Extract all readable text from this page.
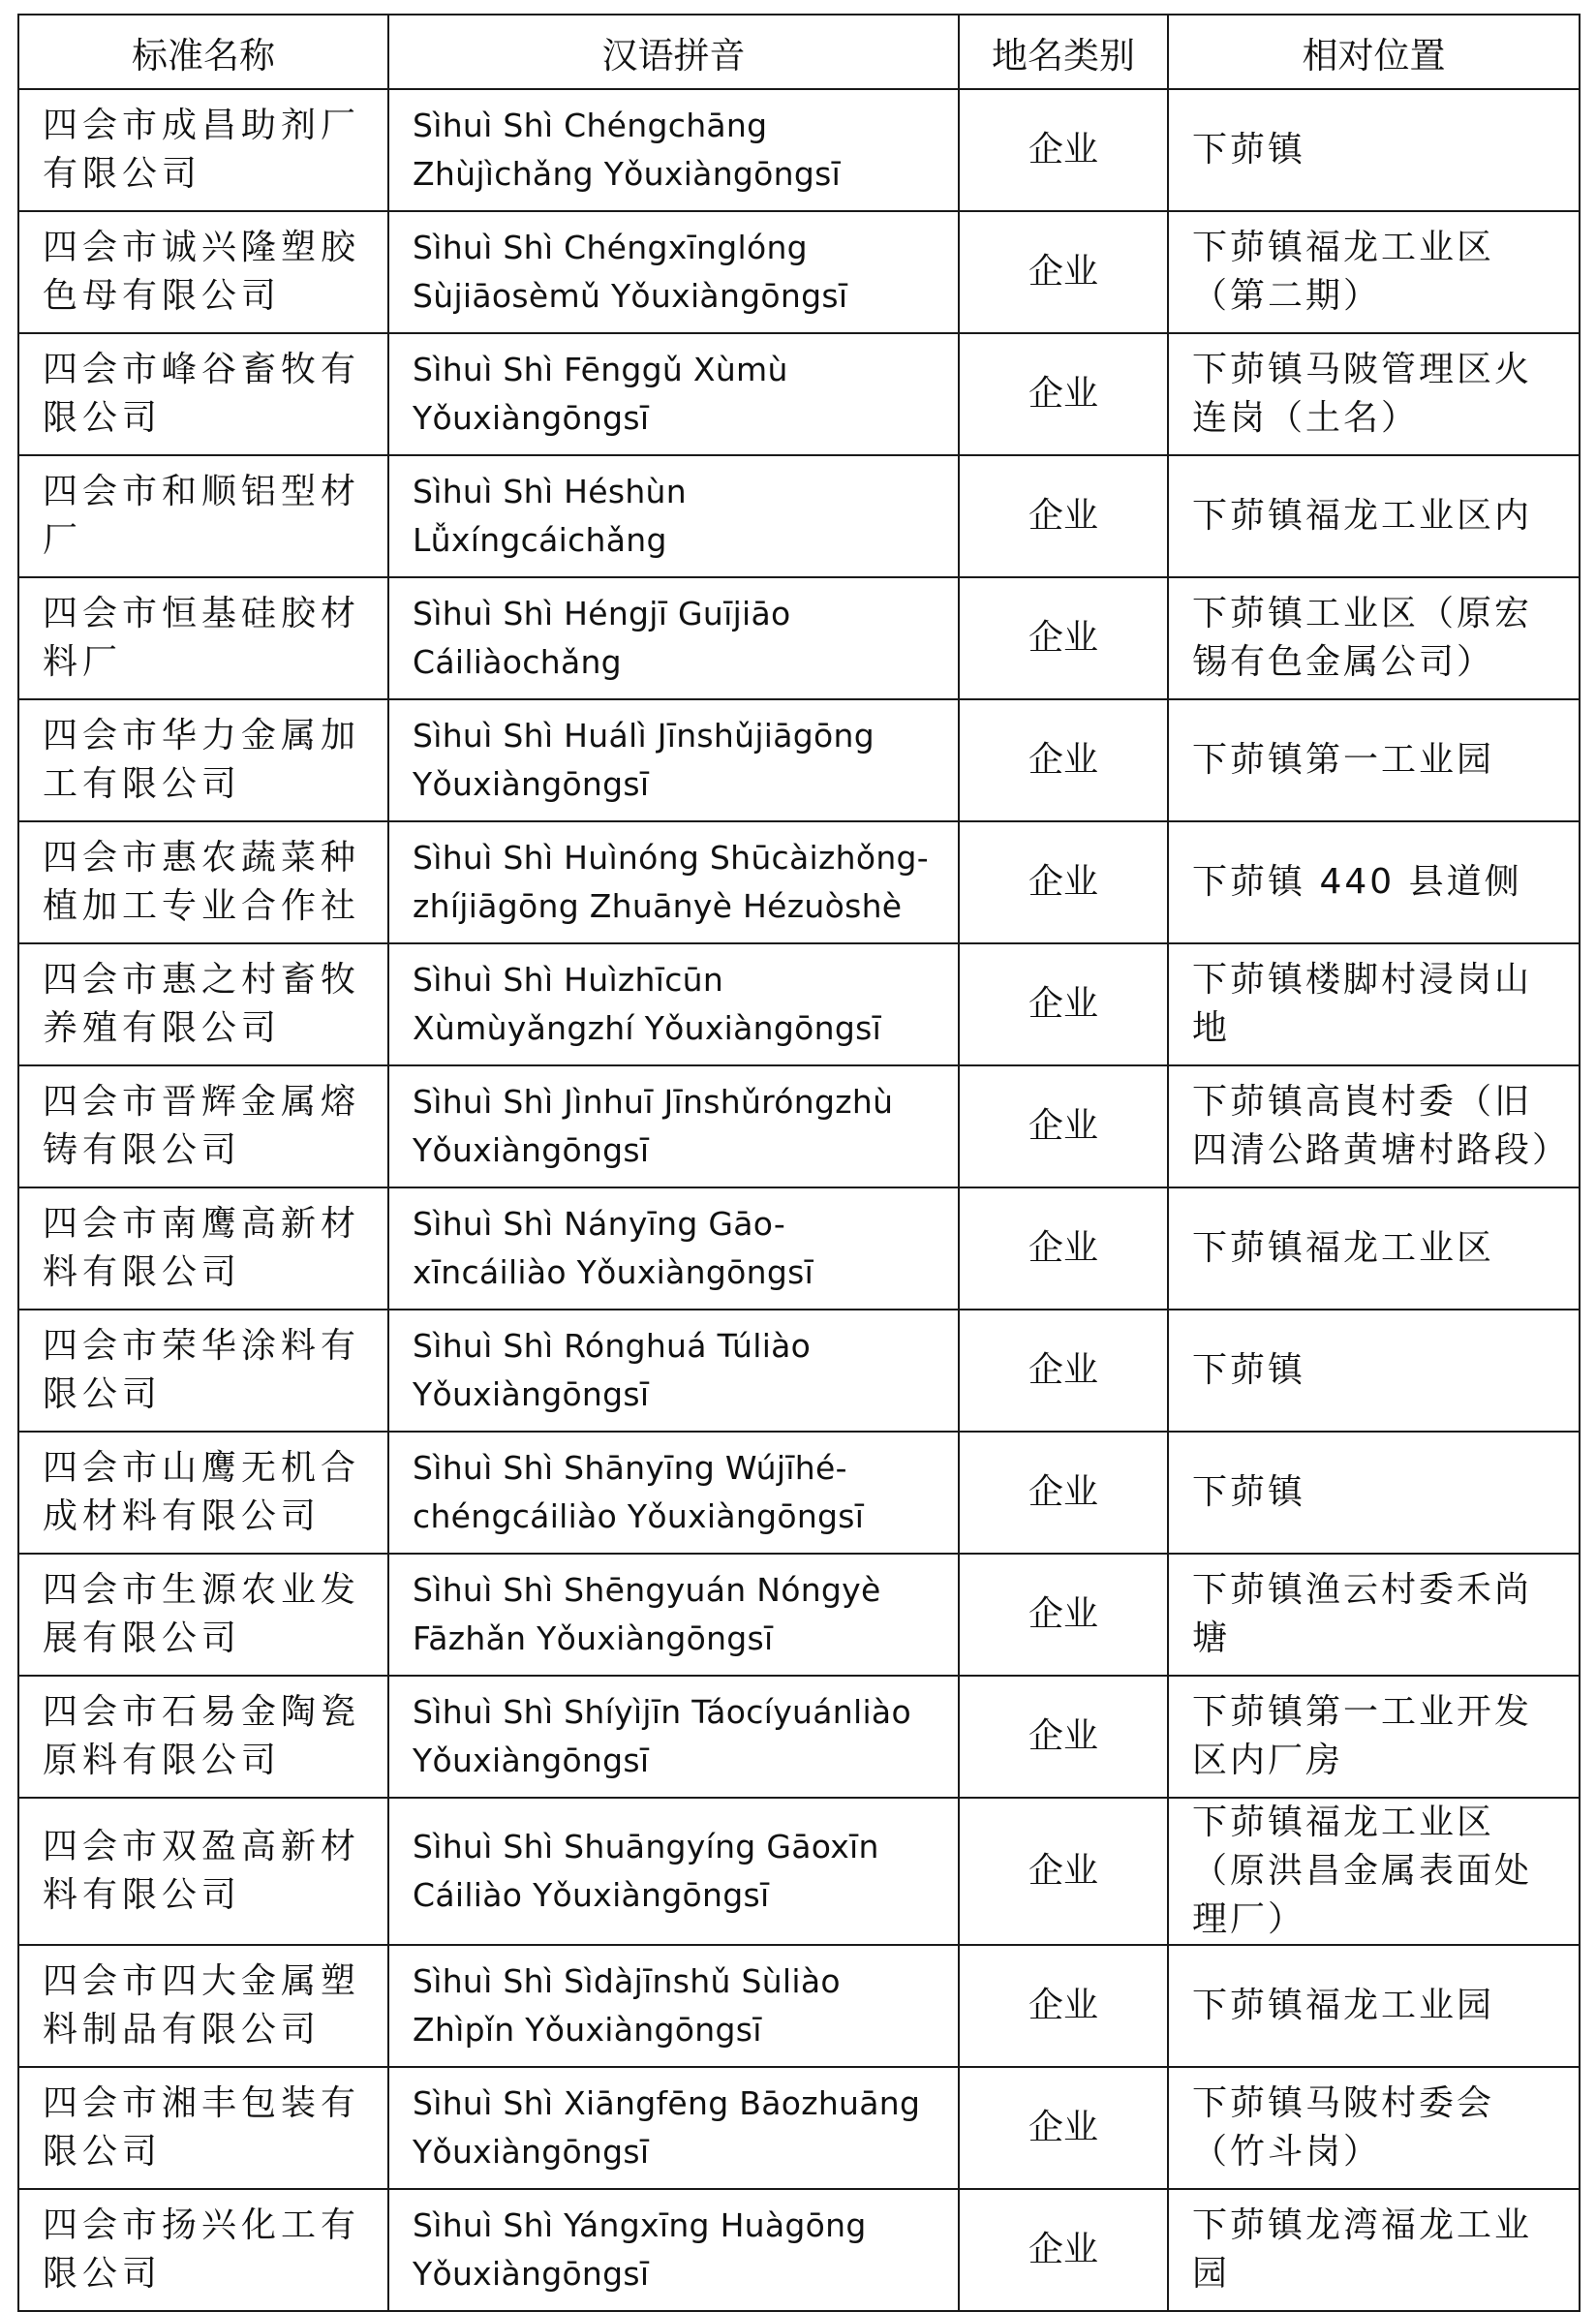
标准名称	汉语拼音	地名类别	相对位置
四会市成昌助剂厂有限公司	Sìhuì Shì Chéngchāng Zhùjìchǎng Yǒuxiàngōngsī	企业	下茆镇
四会市诚兴隆塑胶色母有限公司	Sìhuì Shì Chéngxīnglóng Sùjiāosèmǔ Yǒuxiàngōngsī	企业	下茆镇福龙工业区（第二期）
四会市峰谷畜牧有限公司	Sìhuì Shì Fēnggǔ Xùmù Yǒuxiàngōngsī	企业	下茆镇马陂管理区火连岗（土名）
四会市和顺铝型材厂	Sìhuì Shì Héshùn Lǚxíngcáichǎng	企业	下茆镇福龙工业区内
四会市恒基硅胶材料厂	Sìhuì Shì Héngjī Guījiāo Cáiliàochǎng	企业	下茆镇工业区（原宏锡有色金属公司）
四会市华力金属加工有限公司	Sìhuì Shì Huálì Jīnshǔjiāgōng Yǒuxiàngōngsī	企业	下茆镇第一工业园
四会市惠农蔬菜种植加工专业合作社	Sìhuì Shì Huìnóng Shūcàizhǒng-zhíjiāgōng Zhuānyè Hézuòshè	企业	下茆镇 440 县道侧
四会市惠之村畜牧养殖有限公司	Sìhuì Shì Huìzhīcūn Xùmùyǎngzhí Yǒuxiàngōngsī	企业	下茆镇楼脚村浸岗山地
四会市晋辉金属熔铸有限公司	Sìhuì Shì Jìnhuī Jīnshǔróngzhù Yǒuxiàngōngsī	企业	下茆镇高崀村委（旧四清公路黄塘村路段）
四会市南鹰高新材料有限公司	Sìhuì Shì Nányīng Gāo-xīncáiliào Yǒuxiàngōngsī	企业	下茆镇福龙工业区
四会市荣华涂料有限公司	Sìhuì Shì Rónghuá Túliào Yǒuxiàngōngsī	企业	下茆镇
四会市山鹰无机合成材料有限公司	Sìhuì Shì Shānyīng Wújīhé-chéngcáiliào Yǒuxiàngōngsī	企业	下茆镇
四会市生源农业发展有限公司	Sìhuì Shì Shēngyuán Nóngyè Fāzhǎn Yǒuxiàngōngsī	企业	下茆镇渔云村委禾尚塘
四会市石易金陶瓷原料有限公司	Sìhuì Shì Shíyìjīn Táocíyuánliào Yǒuxiàngōngsī	企业	下茆镇第一工业开发区内厂房
四会市双盈高新材料有限公司	Sìhuì Shì Shuāngyíng Gāoxīn Cáiliào Yǒuxiàngōngsī	企业	下茆镇福龙工业区（原洪昌金属表面处理厂）
四会市四大金属塑料制品有限公司	Sìhuì Shì Sìdàjīnshǔ Sùliào Zhìpǐn Yǒuxiàngōngsī	企业	下茆镇福龙工业园
四会市湘丰包装有限公司	Sìhuì Shì Xiāngfēng Bāozhuāng Yǒuxiàngōngsī	企业	下茆镇马陂村委会（竹斗岗）
四会市扬兴化工有限公司	Sìhuì Shì Yángxīng Huàgōng Yǒuxiàngōngsī	企业	下茆镇龙湾福龙工业园
